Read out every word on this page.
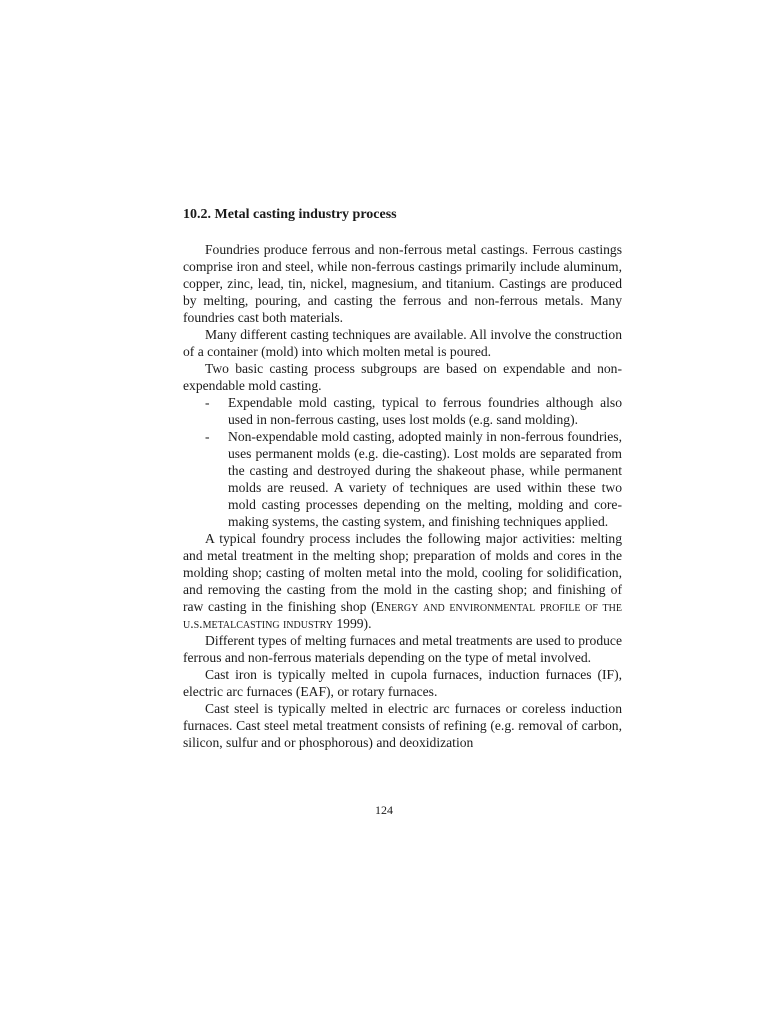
10.2. Metal casting industry process

Foundries produce ferrous and non-ferrous metal castings. Ferrous castings comprise iron and steel, while non-ferrous castings primarily include aluminum, copper, zinc, lead, tin, nickel, magnesium, and titanium. Castings are produced by melting, pouring, and casting the ferrous and non-ferrous metals. Many foundries cast both materials.

Many different casting techniques are available. All involve the construction of a container (mold) into which molten metal is poured.

Two basic casting process subgroups are based on expendable and non-expendable mold casting.

- Expendable mold casting, typical to ferrous foundries although also used in non-ferrous casting, uses lost molds (e.g. sand molding).
- Non-expendable mold casting, adopted mainly in non-ferrous foundries, uses permanent molds (e.g. die-casting). Lost molds are separated from the casting and destroyed during the shakeout phase, while permanent molds are reused. A variety of techniques are used within these two mold casting processes depending on the melting, molding and core-making systems, the casting system, and finishing techniques applied.

A typical foundry process includes the following major activities: melting and metal treatment in the melting shop; preparation of molds and cores in the molding shop; casting of molten metal into the mold, cooling for solidification, and removing the casting from the mold in the casting shop; and finishing of raw casting in the finishing shop (Energy and environmental profile of the u.s.metalcasting industry 1999).

Different types of melting furnaces and metal treatments are used to produce ferrous and non-ferrous materials depending on the type of metal involved.

Cast iron is typically melted in cupola furnaces, induction furnaces (IF), electric arc furnaces (EAF), or rotary furnaces.

Cast steel is typically melted in electric arc furnaces or coreless induction furnaces. Cast steel metal treatment consists of refining (e.g. removal of carbon, silicon, sulfur and or phosphorous) and deoxidization

124
